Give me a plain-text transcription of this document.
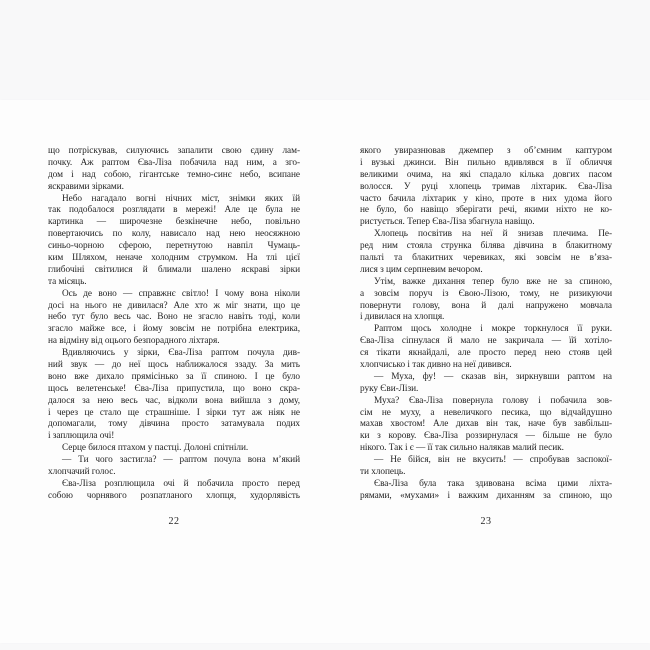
що потріскував, силуючись запалити свою єдину лам-
почку. Аж раптом Єва-Ліза побачила над ним, а зго-
дом і над собою, гігантське темно-синє небо, всипане
яскравими зірками.
Небо нагадало вогні нічних міст, знімки яких їй
так подобалося розглядати в мережі! Але це була не
картинка — широчезне безкінечне небо, повільно
повертаючись по колу, нависало над нею неосяжною
синьо-чорною сферою, перетнутою навпіл Чумаць-
ким Шляхом, неначе холодним струмком. На тлі цієї
глибочіні світилися й блимали шалено яскраві зірки
та місяць.
Ось де воно — справжнє світло! І чому вона ніколи
досі на нього не дивилася? Але хто ж міг знати, що це
небо тут було весь час. Воно не згасло навіть тоді, коли
згасло майже все, і йому зовсім не потрібна електрика,
на відміну від оцього безпорадного ліхтаря.
Вдивляючись у зірки, Єва-Ліза раптом почула див-
ний звук — до неї щось наближалося ззаду. За мить
воно вже дихало прямісінько за її спиною. І це було
щось велетенське! Єва-Ліза припустила, що воно скра-
далося за нею весь час, відколи вона вийшла з дому,
і через це стало ще страшніше. І зірки тут аж ніяк не
допомагали, тому дівчина просто затамувала подих
і заплющила очі!
Серце билося птахом у пастці. Долоні спітніли.
— Ти чого застигла? — раптом почула вона м’який
хлопчачий голос.
Єва-Ліза розплющила очі й побачила просто перед
собою чорнявого розпатланого хлопця, худорлявість
22
якого увиразнював джемпер з об’ємним каптуром
і вузькі джинси. Він пильно вдивлявся в її обличчя
великими очима, на які спадало кілька довгих пасом
волосся. У руці хлопець тримав ліхтарик. Єва-Ліза
часто бачила ліхтарик у кіно, проте в них удома його
не було, бо навіщо зберігати речі, якими ніхто не ко-
ристується. Тепер Єва-Ліза збагнула навіщо.
Хлопець посвітив на неї й знизав плечима. Пе-
ред ним стояла струнка білява дівчина в блакитному
пальті та блакитних черевиках, які зовсім не в’яза-
лися з цим серпневим вечором.
Утім, важке дихання тепер було вже не за спиною,
а зовсім поруч із Євою-Лізою, тому, не ризикуючи
повернути голову, вона й далі напружено мовчала
і дивилася на хлопця.
Раптом щось холодне і мокре торкнулося її руки.
Єва-Ліза сіпнулася й мало не закричала — їй хотіло-
ся тікати якнайдалі, але просто перед нею стояв цей
хлопчисько і так дивно на неї дивився.
— Муха, фу! — сказав він, зиркнувши раптом на
руку Єви-Лізи.
Муха? Єва-Ліза повернула голову і побачила зов-
сім не муху, а невеличкого песика, що відчайдушно
махав хвостом! Але дихав він так, наче був завбільш-
ки з корову. Єва-Ліза роззирнулася — більше не було
нікого. Так і є — її так сильно налякав малий песик.
— Не бійся, він не вкусить! — спробував заспокої-
ти хлопець.
Єва-Ліза була така здивована всіма цими ліхта-
рямами, «мухами» і важким диханням за спиною, що
23
